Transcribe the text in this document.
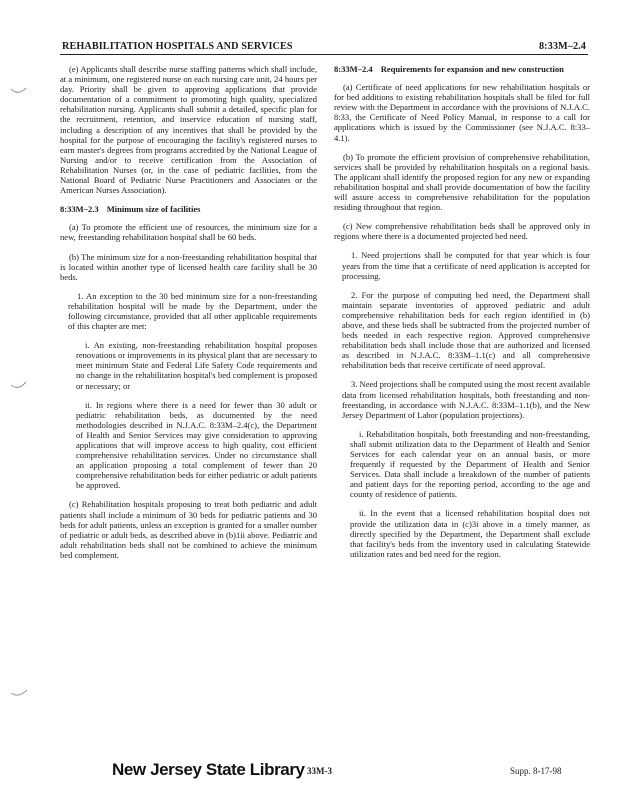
REHABILITATION HOSPITALS AND SERVICES	8:33M–2.4

(e) Applicants shall describe nurse staffing patterns which shall include, at a minimum, one registered nurse on each nursing care unit, 24 hours per day. Priority shall be given to approving applications that provide documentation of a commitment to promoting high quality, specialized rehabilitation nursing. Applicants shall submit a detailed, specific plan for the recruitment, retention, and inservice education of nursing staff, including a description of any incentives that shall be provided by the hospital for the purpose of encouraging the facility's registered nurses to earn master's degrees from programs accredited by the National League of Nursing and/or to receive certification from the Association of Rehabilitation Nurses (or, in the case of pediatric facilities, from the National Board of Pediatric Nurse Practitioners and Associates or the American Nurses Association).

8:33M–2.3 Minimum size of facilities

(a) To promote the efficient use of resources, the minimum size for a new, freestanding rehabilitation hospital shall be 60 beds.

(b) The minimum size for a non-freestanding rehabilitation hospital that is located within another type of licensed health care facility shall be 30 beds.

1. An exception to the 30 bed minimum size for a non-freestanding rehabilitation hospital will be made by the Department, under the following circumstance, provided that all other applicable requirements of this chapter are met:

i. An existing, non-freestanding rehabilitation hospital proposes renovations or improvements in its physical plant that are necessary to meet minimum State and Federal Life Safety Code requirements and no change in the rehabilitation hospital's bed complement is proposed or necessary; or

ii. In regions where there is a need for fewer than 30 adult or pediatric rehabilitation beds, as documented by the need methodologies described in N.J.A.C. 8:33M–2.4(c), the Department of Health and Senior Services may give consideration to approving applications that will improve access to high quality, cost efficient comprehensive rehabilitation services. Under no circumstance shall an application proposing a total complement of fewer than 20 comprehensive rehabilitation beds for either pediatric or adult patients be approved.

(c) Rehabilitation hospitals proposing to treat both pediatric and adult patients shall include a minimum of 30 beds for pediatric patients and 30 beds for adult patients, unless an exception is granted for a smaller number of pediatric or adult beds, as described above in (b)1ii above. Pediatric and adult rehabilitation beds shall not be combined to achieve the minimum bed complement.

8:33M–2.4 Requirements for expansion and new construction

(a) Certificate of need applications for new rehabilitation hospitals or for bed additions to existing rehabilitation hospitals shall be filed for full review with the Department in accordance with the provisions of N.J.A.C. 8:33, the Certificate of Need Policy Manual, in response to a call for applications which is issued by the Commissioner (see N.J.A.C. 8:33–4.1).

(b) To promote the efficient provision of comprehensive rehabilitation, services shall be provided by rehabilitation hospitals on a regional basis. The applicant shall identify the proposed region for any new or expanding rehabilitation hospital and shall provide documentation of how the facility will assure access to comprehensive rehabilitation for the population residing throughout that region.

(c) New comprehensive rehabilitation beds shall be approved only in regions where there is a documented projected bed need.

1. Need projections shall be computed for that year which is four years from the time that a certificate of need application is accepted for processing.

2. For the purpose of computing bed need, the Department shall maintain separate inventories of approved pediatric and adult comprehensive rehabilitation beds for each region identified in (b) above, and these beds shall be subtracted from the projected number of beds needed in each respective region. Approved comprehensive rehabilitation beds shall include those that are authorized and licensed as described in N.J.A.C. 8:33M–1.1(c) and all comprehensive rehabilitation beds that receive certificate of need approval.

3. Need projections shall be computed using the most recent available data from licensed rehabilitation hospitals, both freestanding and non-freestanding, in accordance with N.J.A.C. 8:33M–1.1(b), and the New Jersey Department of Labor (population projections).

i. Rehabilitation hospitals, both freestanding and non-freestanding, shall submit utilization data to the Department of Health and Senior Services for each calendar year on an annual basis, or more frequently if requested by the Department of Health and Senior Services. Data shall include a breakdown of the number of patients and patient days for the reporting period, according to the age and county of residence of patients.

ii. In the event that a licensed rehabilitation hospital does not provide the utilization data in (c)3i above in a timely manner, as directly specified by the Department, the Department shall exclude that facility's beds from the inventory used in calculating Statewide utilization rates and bed need for the region.

New Jersey State Library 33M-3	Supp. 8-17-98
